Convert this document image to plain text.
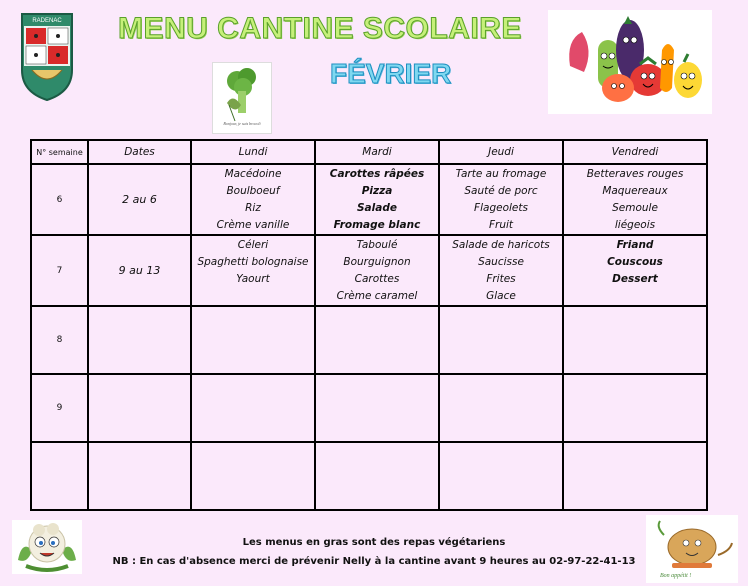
RADENAC MENU CANTINE SCOLAIRE
FÉVRIER
Bonjour, je suis brocoli
N° semaine	Dates	Lundi	Mardi	Jeudi	Vendredi
6	2 au 6	Macédoine
Boulboeuf
Riz
Crème vanille	Carottes râpées
Pizza
Salade
Fromage blanc	Tarte au fromage
Sauté de porc
Flageolets
Fruit	Betteraves rouges
Maquereaux
Semoule
liégeois

7	9 au 13	Céleri
Spaghetti bolognaise
Yaourt	Taboulé
Bourguignon
Carottes
Crème caramel	Salade de haricots
Saucisse
Frites
Glace	Friand
Couscous
Dessert

8		

9		

Bon appétit !
Les menus en gras sont des repas végétariens
NB : En cas d'absence merci de prévenir Nelly à la cantine avant 9 heures au 02-97-22-41-13
